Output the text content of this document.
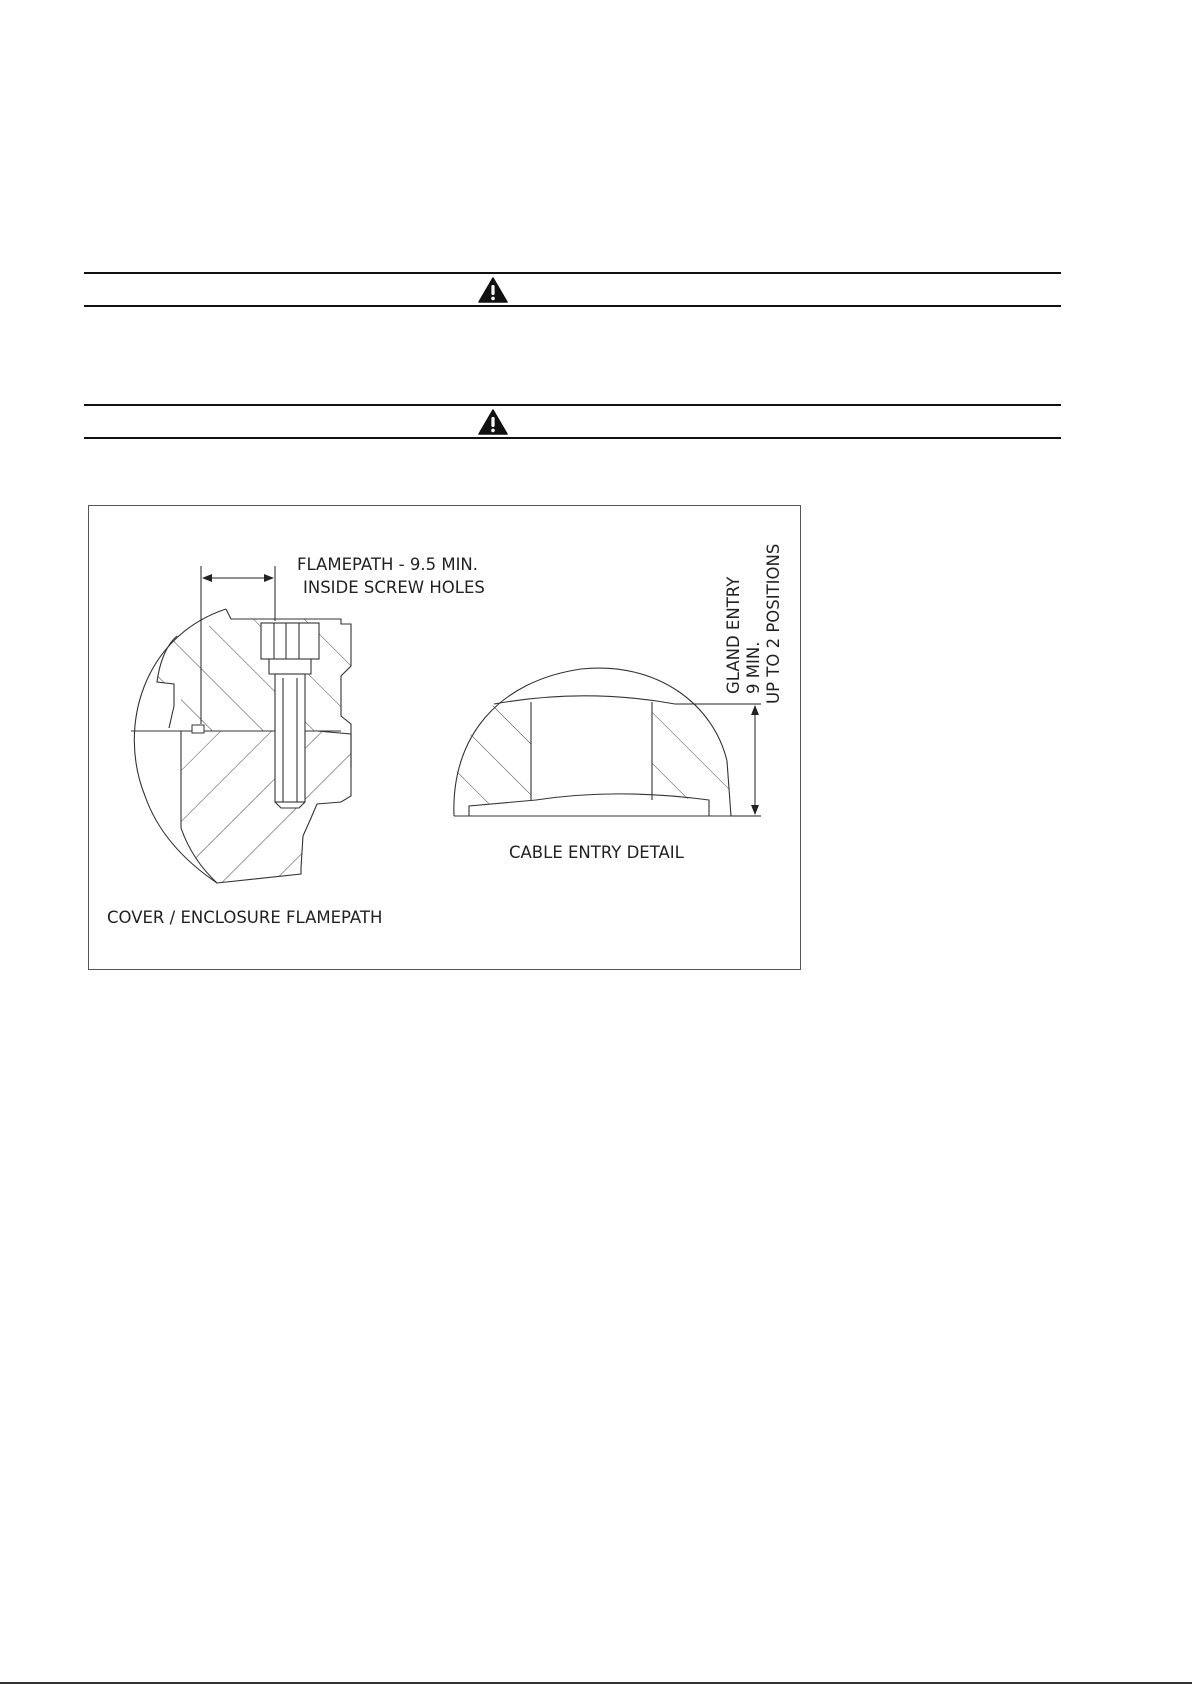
FLAMEPATH - 9.5 MIN.
INSIDE SCREW HOLES	GLAND ENTRY 9 MIN. UP TO 2 POSITIONS
CABLE ENTRY DETAIL
COVER / ENCLOSURE FLAMEPATH
